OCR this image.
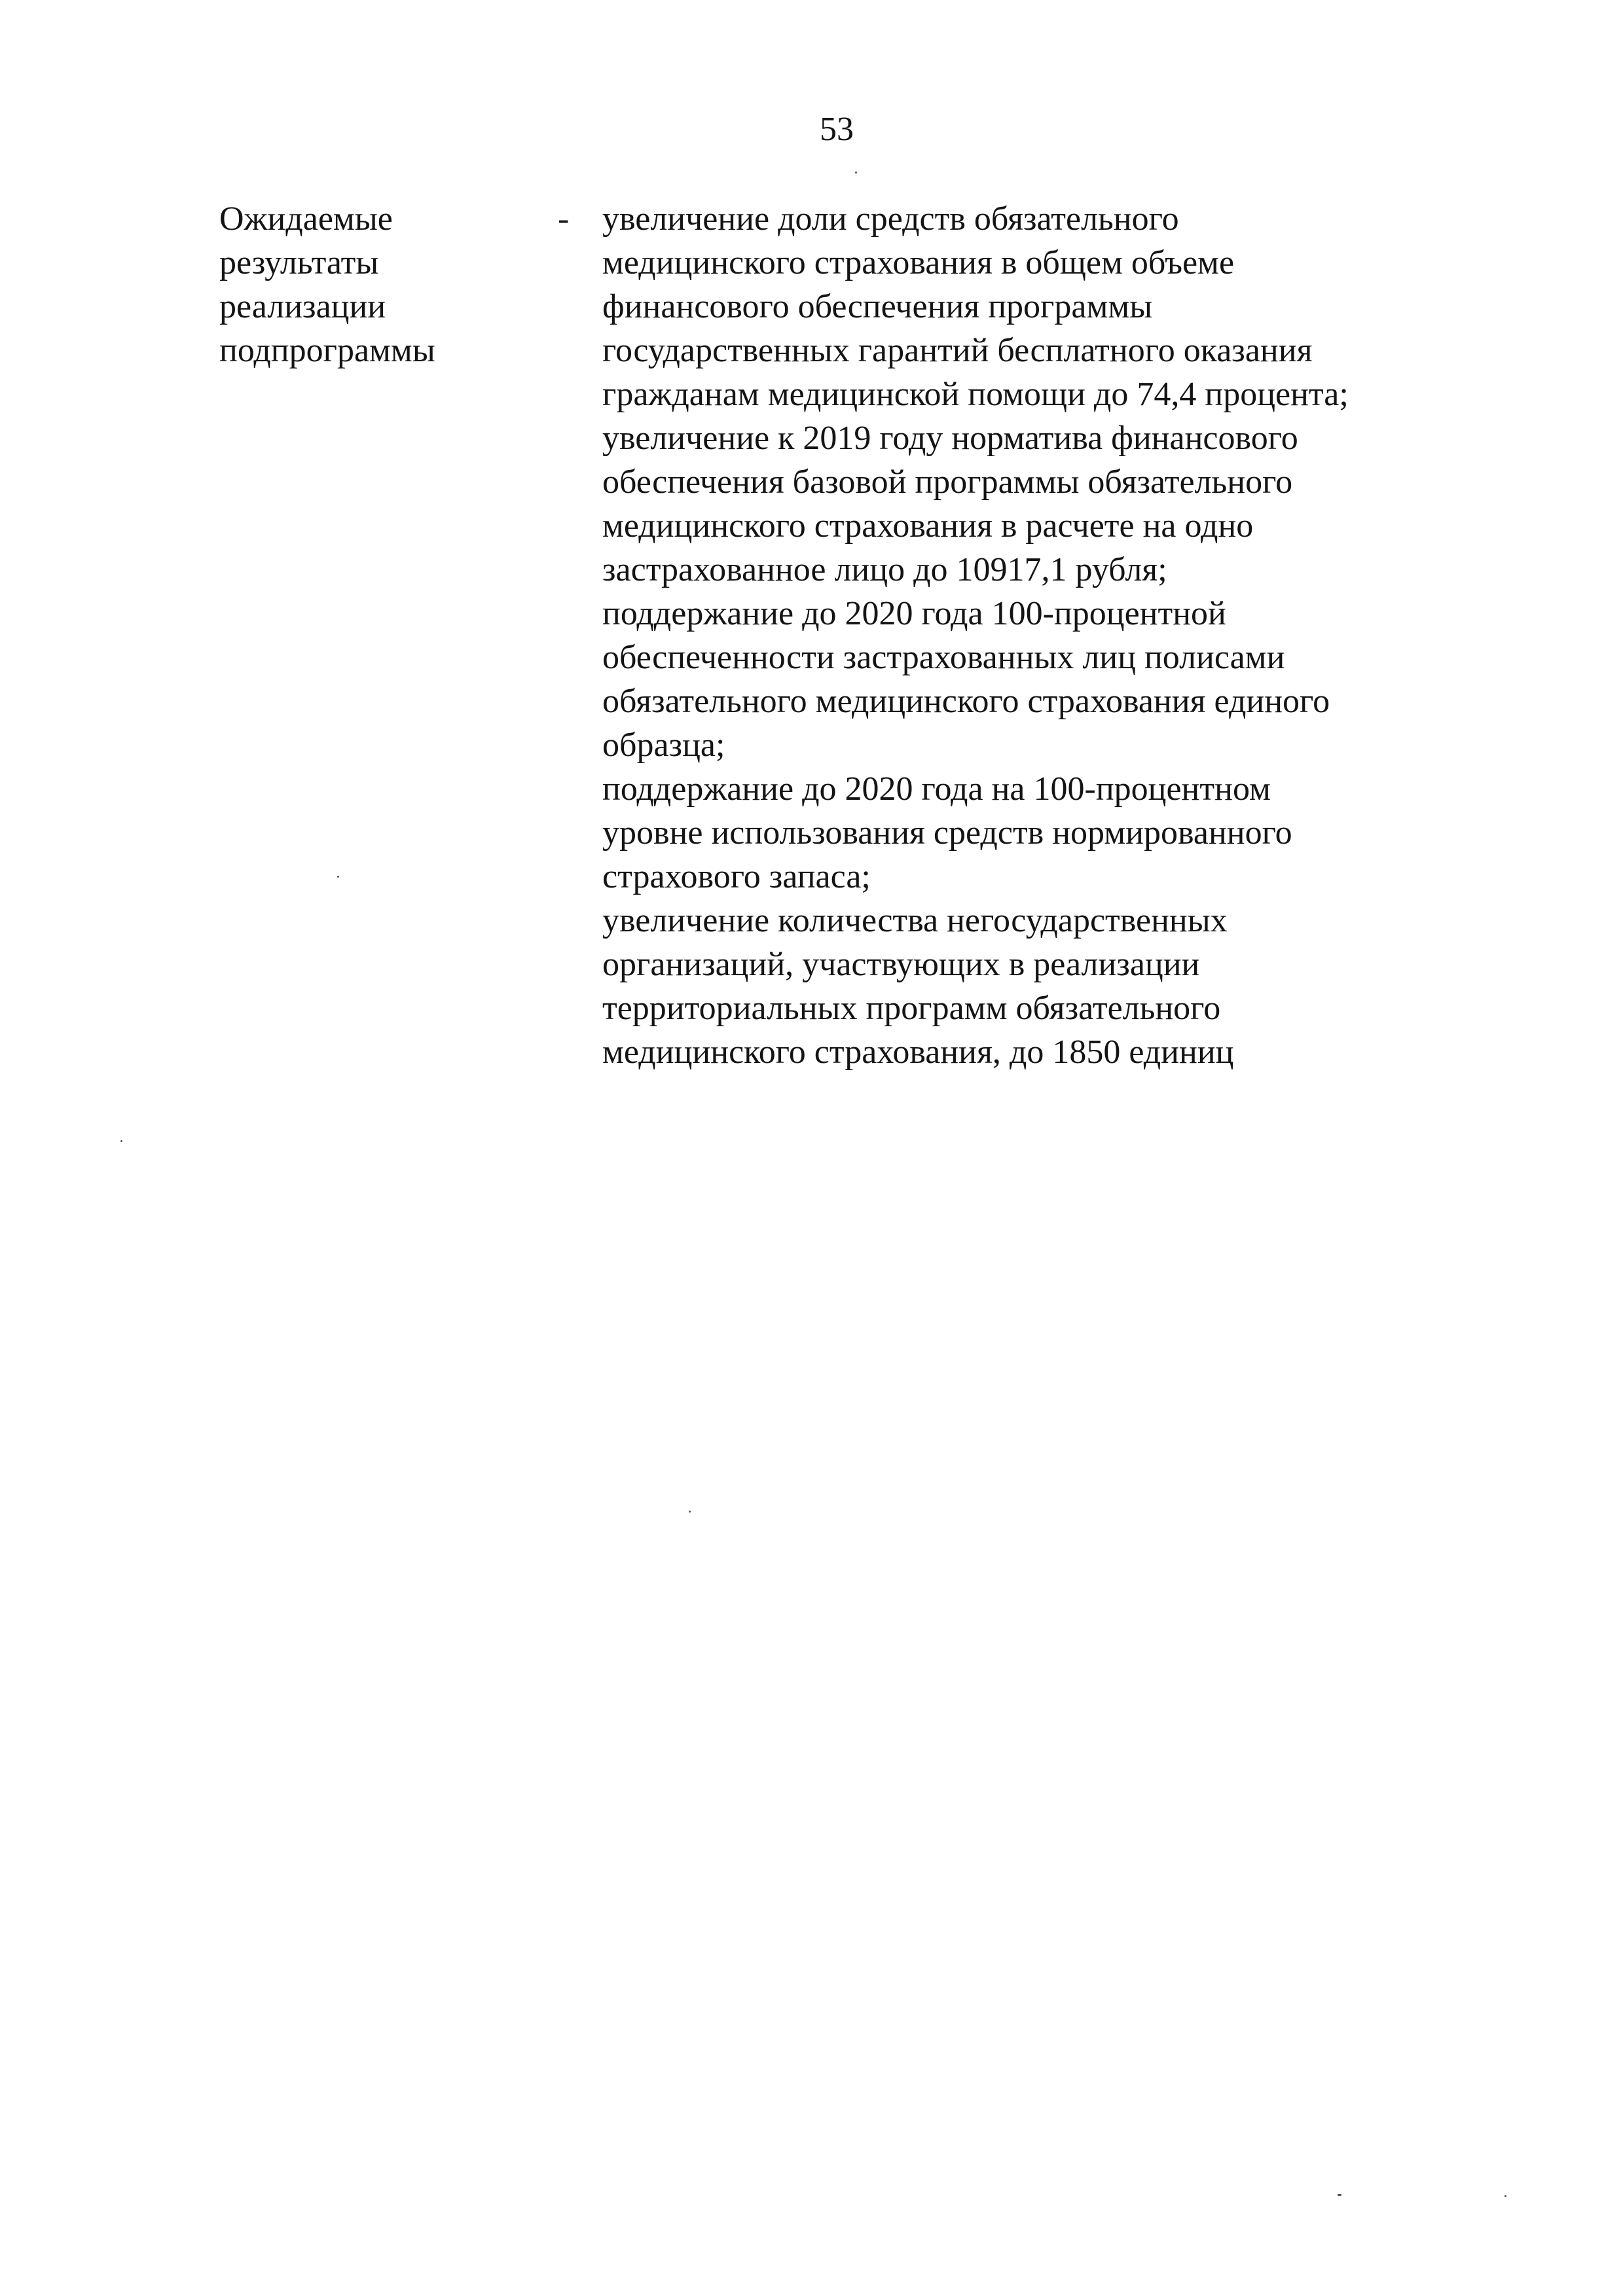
53
Ожидаемые
результаты
реализации
подпрограммы
- увеличение доли средств обязательного
медицинского страхования в общем объеме
финансового обеспечения программы
государственных гарантий бесплатного оказания
гражданам медицинской помощи до 74,4 процента;
увеличение к 2019 году норматива финансового
обеспечения базовой программы обязательного
медицинского страхования в расчете на одно
застрахованное лицо до 10917,1 рубля;
поддержание до 2020 года 100-процентной
обеспеченности застрахованных лиц полисами
обязательного медицинского страхования единого
образца;
поддержание до 2020 года на 100-процентном
уровне использования средств нормированного
страхового запаса;
увеличение количества негосударственных
организаций, участвующих в реализации
территориальных программ обязательного
медицинского страхования, до 1850 единиц
